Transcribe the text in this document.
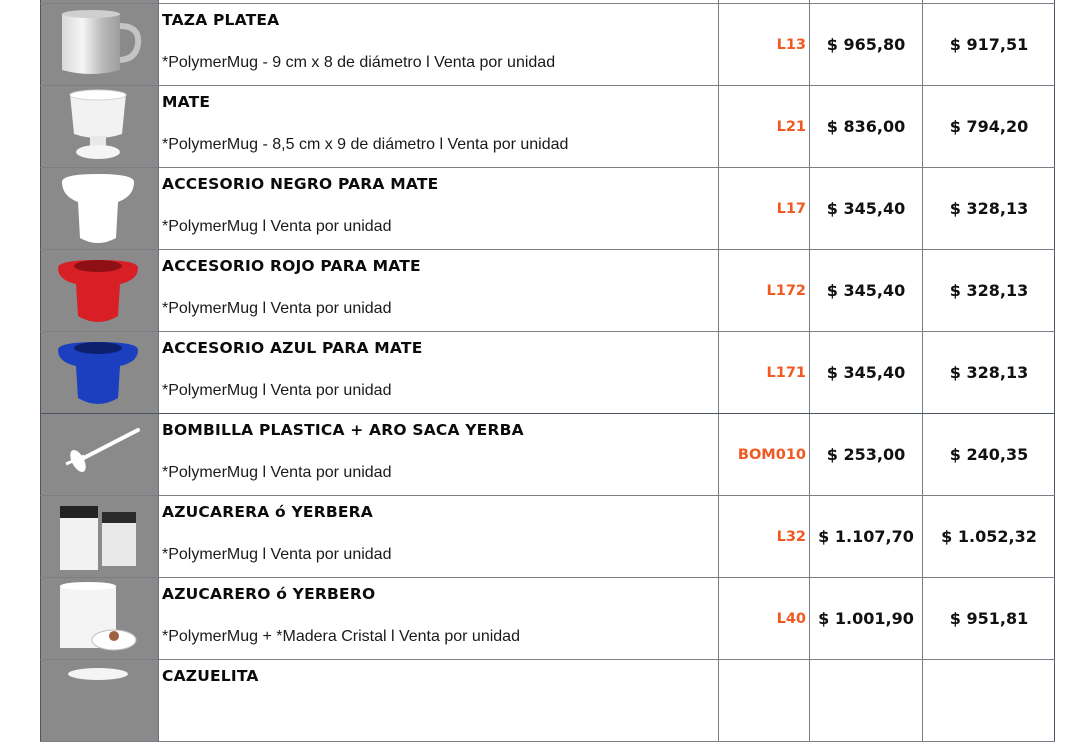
TAZA PLATEA
*PolymerMug - 9 cm x 8 de diámetro l Venta por unidad
L13	$ 965,80	$ 917,51
MATE
*PolymerMug - 8,5 cm x 9 de diámetro l Venta por unidad
L21	$ 836,00	$ 794,20
ACCESORIO NEGRO PARA MATE
*PolymerMug l Venta por unidad
L17	$ 345,40	$ 328,13
ACCESORIO ROJO PARA MATE
*PolymerMug l Venta por unidad
L172	$ 345,40	$ 328,13
ACCESORIO AZUL PARA MATE
*PolymerMug l Venta por unidad
L171	$ 345,40	$ 328,13
BOMBILLA PLASTICA + ARO SACA YERBA
*PolymerMug l Venta por unidad
BOM010	$ 253,00	$ 240,35
AZUCARERA ó YERBERA
*PolymerMug l Venta por unidad
L32 $ 1.107,70	$ 1.052,32
AZUCARERO ó YERBERO
*PolymerMug + *Madera Cristal l Venta por unidad
L40 $ 1.001,90	$ 951,81
CAZUELITA
